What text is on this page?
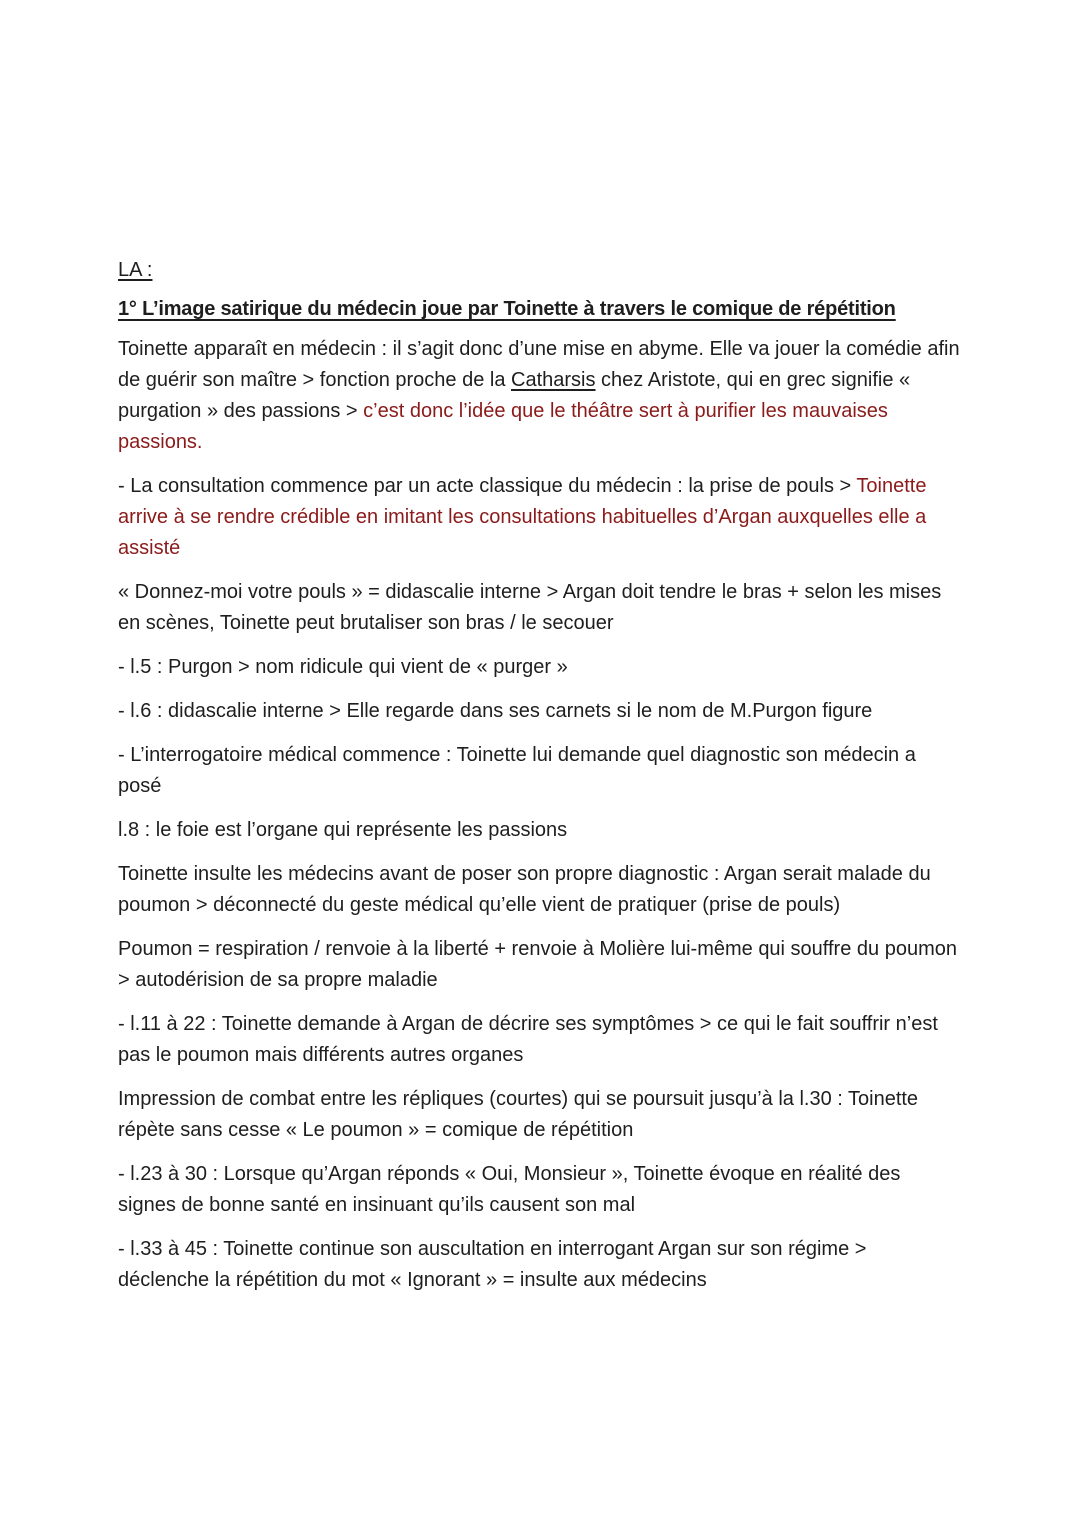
LA :
1° L’image satirique du médecin joue par Toinette à travers le comique de répétition

Toinette apparaît en médecin : il s’agit donc d’une mise en abyme. Elle va jouer la comédie afin de guérir son maître > fonction proche de la Catharsis chez Aristote, qui en grec signifie « purgation » des passions > c’est donc l’idée que le théâtre sert à purifier les mauvaises passions.

- La consultation commence par un acte classique du médecin : la prise de pouls > Toinette arrive à se rendre crédible en imitant les consultations habituelles d’Argan auxquelles elle a assisté

« Donnez-moi votre pouls » = didascalie interne > Argan doit tendre le bras + selon les mises en scènes, Toinette peut brutaliser son bras / le secouer

- l.5 : Purgon > nom ridicule qui vient de « purger »

- l.6 : didascalie interne > Elle regarde dans ses carnets si le nom de M.Purgon figure

- L’interrogatoire médical commence : Toinette lui demande quel diagnostic son médecin a posé

l.8 : le foie est l’organe qui représente les passions

Toinette insulte les médecins avant de poser son propre diagnostic : Argan serait malade du poumon > déconnecté du geste médical qu’elle vient de pratiquer (prise de pouls)

Poumon = respiration / renvoie à la liberté + renvoie à Molière lui-même qui souffre du poumon > autodérision de sa propre maladie

- l.11 à 22 : Toinette demande à Argan de décrire ses symptômes > ce qui le fait souffrir n’est pas le poumon mais différents autres organes

Impression de combat entre les répliques (courtes) qui se poursuit jusqu’à la l.30 : Toinette répète sans cesse « Le poumon » = comique de répétition

- l.23 à 30 : Lorsque qu’Argan réponds « Oui, Monsieur », Toinette évoque en réalité des signes de bonne santé en insinuant qu’ils causent son mal

- l.33 à 45 : Toinette continue son auscultation en interrogant Argan sur son régime > déclenche la répétition du mot « Ignorant » = insulte aux médecins
